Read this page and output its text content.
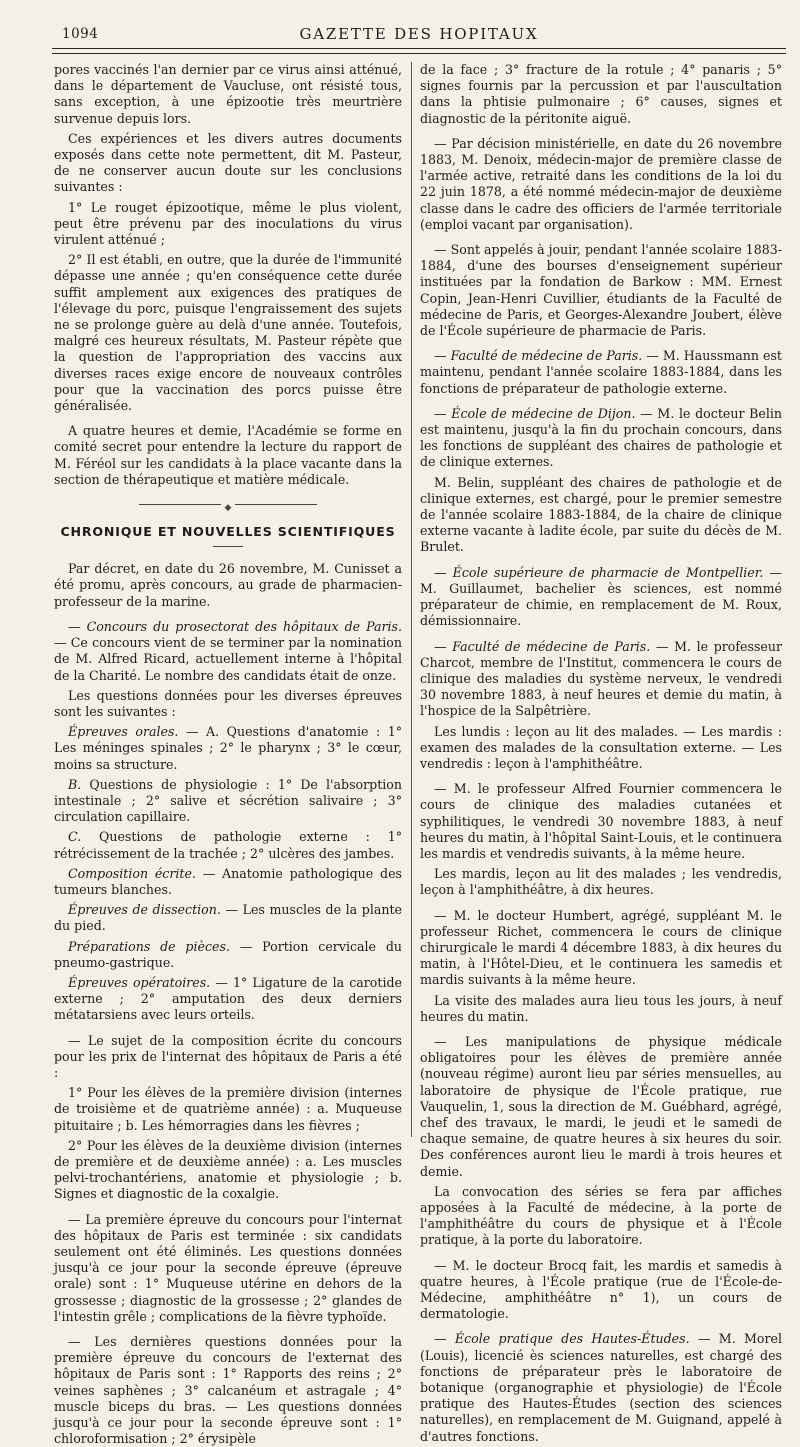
1094	GAZETTE DES HOPITAUX

pores vaccinés l'an dernier par ce virus ainsi atténué, dans le département de Vaucluse, ont résisté tous, sans exception, à une épizootie très meurtrière survenue depuis lors.

Ces expériences et les divers autres documents exposés dans cette note permettent, dit M. Pasteur, de ne conserver aucun doute sur les conclusions suivantes :

1° Le rouget épizootique, même le plus violent, peut être prévenu par des inoculations du virus virulent atténué ;

2° Il est établi, en outre, que la durée de l'immunité dépasse une année ; qu'en conséquence cette durée suffit amplement aux exigences des pratiques de l'élevage du porc, puisque l'engraissement des sujets ne se prolonge guère au delà d'une année. Toutefois, malgré ces heureux résultats, M. Pasteur répète que la question de l'appropriation des vaccins aux diverses races exige encore de nouveaux contrôles pour que la vaccination des porcs puisse être généralisée.

A quatre heures et demie, l'Académie se forme en comité secret pour entendre la lecture du rapport de M. Féréol sur les candidats à la place vacante dans la section de thérapeutique et matière médicale.

◆
CHRONIQUE ET NOUVELLES SCIENTIFIQUES

Par décret, en date du 26 novembre, M. Cunisset a été promu, après concours, au grade de pharmacien-professeur de la marine.

— Concours du prosectorat des hôpitaux de Paris. — Ce concours vient de se terminer par la nomination de M. Alfred Ricard, actuellement interne à l'hôpital de la Charité. Le nombre des candidats était de onze.

Les questions données pour les diverses épreuves sont les suivantes :

Épreuves orales. — A. Questions d'anatomie : 1° Les méninges spinales ; 2° le pharynx ; 3° le cœur, moins sa structure.

B. Questions de physiologie : 1° De l'absorption intestinale ; 2° salive et sécrétion salivaire ; 3° circulation capillaire.

C. Questions de pathologie externe : 1° rétrécissement de la trachée ; 2° ulcères des jambes.

Composition écrite. — Anatomie pathologique des tumeurs blanches.

Épreuves de dissection. — Les muscles de la plante du pied.

Préparations de pièces. — Portion cervicale du pneumo-gastrique.

Épreuves opératoires. — 1° Ligature de la carotide externe ; 2° amputation des deux derniers métatarsiens avec leurs orteils.

— Le sujet de la composition écrite du concours pour les prix de l'internat des hôpitaux de Paris a été :

1° Pour les élèves de la première division (internes de troisième et de quatrième année) : a. Muqueuse pituitaire ; b. Les hémorragies dans les fièvres ;

2° Pour les élèves de la deuxième division (internes de première et de deuxième année) : a. Les muscles pelvi-trochantériens, anatomie et physiologie ; b. Signes et diagnostic de la coxalgie.

— La première épreuve du concours pour l'internat des hôpitaux de Paris est terminée : six candidats seulement ont été éliminés. Les questions données jusqu'à ce jour pour la seconde épreuve (épreuve orale) sont : 1° Muqueuse utérine en dehors de la grossesse ; diagnostic de la grossesse ; 2° glandes de l'intestin grêle ; complications de la fièvre typhoïde.

— Les dernières questions données pour la première épreuve du concours de l'externat des hôpitaux de Paris sont : 1° Rapports des reins ; 2° veines saphènes ; 3° calcanéum et astragale ; 4° muscle biceps du bras. — Les questions données jusqu'à ce jour pour la seconde épreuve sont : 1° chloroformisation ; 2° érysipèle

de la face ; 3° fracture de la rotule ; 4° panaris ; 5° signes fournis par la percussion et par l'auscultation dans la phtisie pulmonaire ; 6° causes, signes et diagnostic de la péritonite aiguë.

— Par décision ministérielle, en date du 26 novembre 1883, M. Denoix, médecin-major de première classe de l'armée active, retraité dans les conditions de la loi du 22 juin 1878, a été nommé médecin-major de deuxième classe dans le cadre des officiers de l'armée territoriale (emploi vacant par organisation).

— Sont appelés à jouir, pendant l'année scolaire 1883-1884, d'une des bourses d'enseignement supérieur instituées par la fondation de Barkow : MM. Ernest Copin, Jean-Henri Cuvillier, étudiants de la Faculté de médecine de Paris, et Georges-Alexandre Joubert, élève de l'École supérieure de pharmacie de Paris.

— Faculté de médecine de Paris. — M. Haussmann est maintenu, pendant l'année scolaire 1883-1884, dans les fonctions de préparateur de pathologie externe.

— École de médecine de Dijon. — M. le docteur Belin est maintenu, jusqu'à la fin du prochain concours, dans les fonctions de suppléant des chaires de pathologie et de clinique externes.

M. Belin, suppléant des chaires de pathologie et de clinique externes, est chargé, pour le premier semestre de l'année scolaire 1883-1884, de la chaire de clinique externe vacante à ladite école, par suite du décès de M. Brulet.

— École supérieure de pharmacie de Montpellier. — M. Guillaumet, bachelier ès sciences, est nommé préparateur de chimie, en remplacement de M. Roux, démissionnaire.

— Faculté de médecine de Paris. — M. le professeur Charcot, membre de l'Institut, commencera le cours de clinique des maladies du système nerveux, le vendredi 30 novembre 1883, à neuf heures et demie du matin, à l'hospice de la Salpêtrière.

Les lundis : leçon au lit des malades. — Les mardis : examen des malades de la consultation externe. — Les vendredis : leçon à l'amphithéâtre.

— M. le professeur Alfred Fournier commencera le cours de clinique des maladies cutanées et syphilitiques, le vendredi 30 novembre 1883, à neuf heures du matin, à l'hôpital Saint-Louis, et le continuera les mardis et vendredis suivants, à la même heure.

Les mardis, leçon au lit des malades ; les vendredis, leçon à l'amphithéâtre, à dix heures.

— M. le docteur Humbert, agrégé, suppléant M. le professeur Richet, commencera le cours de clinique chirurgicale le mardi 4 décembre 1883, à dix heures du matin, à l'Hôtel-Dieu, et le continuera les samedis et mardis suivants à la même heure.

La visite des malades aura lieu tous les jours, à neuf heures du matin.

— Les manipulations de physique médicale obligatoires pour les élèves de première année (nouveau régime) auront lieu par séries mensuelles, au laboratoire de physique de l'École pratique, rue Vauquelin, 1, sous la direction de M. Guébhard, agrégé, chef des travaux, le mardi, le jeudi et le samedi de chaque semaine, de quatre heures à six heures du soir. Des conférences auront lieu le mardi à trois heures et demie.

La convocation des séries se fera par affiches apposées à la Faculté de médecine, à la porte de l'amphithéâtre du cours de physique et à l'École pratique, à la porte du laboratoire.

— M. le docteur Brocq fait, les mardis et samedis à quatre heures, à l'École pratique (rue de l'École-de-Médecine, amphithéâtre n° 1), un cours de dermatologie.

— École pratique des Hautes-Études. — M. Morel (Louis), licencié ès sciences naturelles, est chargé des fonctions de préparateur près le laboratoire de botanique (organographie et physiologie) de l'École pratique des Hautes-Études (section des sciences naturelles), en remplacement de M. Guignand, appelé à d'autres fonctions.
